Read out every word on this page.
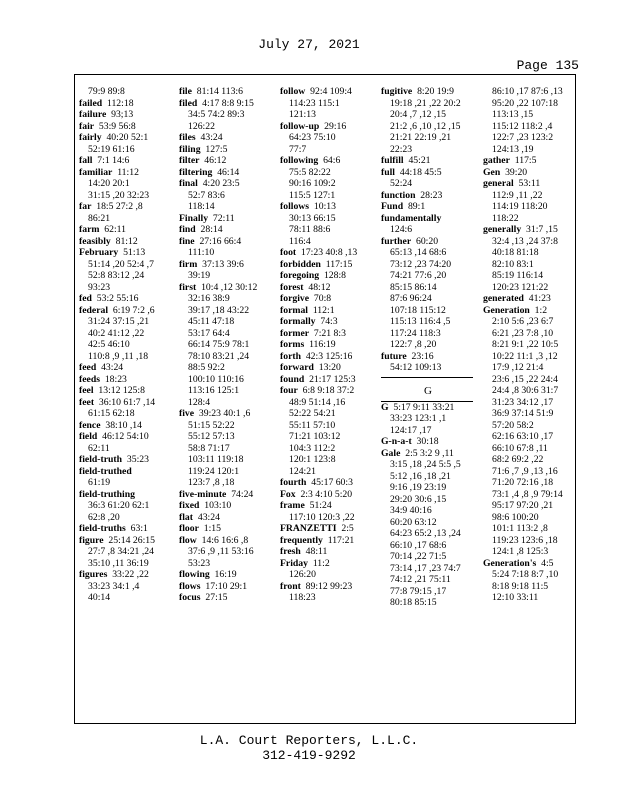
July 27, 2021
Page 135
79:9 89:8
failed 112:18
failure 93;13
fair 53:9 56:8
fairly 40:20 52:1
52:19 61:16
fall 7:1 14:6
familiar 11:12
14:20 20:1
31:15 ,20 32:23
far 18:5 27:2 ,8
86:21
farm 62:11
feasibly 81:12
February 51:13
51:14 ,20 52:4 ,7
52:8 83:12 ,24
93:23
fed 53:2 55:16
federal 6:19 7:2 ,6
31:24 37:15 ,21
40:2 41:12 ,22
42:5 46:10
110:8 ,9 ,11 ,18
feed 43:24
feeds 18:23
feel 13:12 125:8
feet 36:10 61:7 ,14
61:15 62:18
fence 38:10 ,14
field 46:12 54:10
62:11
field-truth 35:23
field-truthed
61:19
field-truthing
36:3 61:20 62:1
62:8 ,20
field-truths 63:1
figure 25:14 26:15
27:7 ,8 34:21 ,24
35:10 ,11 36:19
figures 33:22 ,22
33:23 34:1 ,4
40:14
file 81:14 113:6
filed 4:17 8:8 9:15
34:5 74:2 89:3
126:22
files 43:24
filing 127:5
filter 46:12
filtering 46:14
final 4:20 23:5
52:7 83:6
118:14
Finally 72:11
find 28:14
fine 27:16 66:4
111:10
firm 37:13 39:6
39:19
first 10:4 ,12 30:12
32:16 38:9
39:17 ,18 43:22
45:11 47:18
53:17 64:4
66:14 75:9 78:1
78:10 83:21 ,24
88:5 92:2
100:10 110:16
113:16 125:1
128:4
five 39:23 40:1 ,6
51:15 52:22
55:12 57:13
58:8 71:17
103:11 119:18
119:24 120:1
123:7 ,8 ,18
five-minute 74:24
fixed 103:10
flat 43:24
floor 1:15
flow 14:6 16:6 ,8
37:6 ,9 ,11 53:16
53:23
flowing 16:19
flows 17:10 29:1
focus 27:15
follow 92:4 109:4
114:23 115:1
121:13
follow-up 29:16
64:23 75:10
77:7
following 64:6
75:5 82:22
90:16 109:2
115:5 127:1
follows 10:13
30:13 66:15
78:11 88:6
116:4
foot 17:23 40:8 ,13
forbidden 117:15
foregoing 128:8
forest 48:12
forgive 70:8
formal 112:1
formally 74:3
former 7:21 8:3
forms 116:19
forth 42:3 125:16
forward 13:20
found 21:17 125:3
four 6:8 9:18 37:2
48:9 51:14 ,16
52:22 54:21
55:11 57:10
71:21 103:12
104:3 112:2
120:1 123:8
124:21
fourth 45:17 60:3
Fox 2:3 4:10 5:20
frame 51:24
117:10 120:3 ,22
FRANZETTI 2:5
frequently 117:21
fresh 48:11
Friday 11:2
126:20
front 89:12 99:23
118:23
fugitive 8:20 19:9
19:18 ,21 ,22 20:2
20:4 ,7 ,12 ,15
21:2 ,6 ,10 ,12 ,15
21:21 22:19 ,21
22:23
fulfill 45:21
full 44:18 45:5
52:24
function 28:23
Fund 89:1
fundamentally
124:6
further 60:20
65:13 ,14 68:6
73:12 ,23 74:20
74:21 77:6 ,20
85:15 86:14
87:6 96:24
107:18 115:12
115:13 116:4 ,5
117:24 118:3
122:7 ,8 ,20
future 23:16
54:12 109:13
G
G 5:17 9:11 33:21
33:23 123:1 ,1
124:17 ,17
G-n-a-t 30:18
Gale 2:5 3:2 9 ,11
3:15 ,18 ,24 5:5 ,5
5:12 ,16 ,18 ,21
9:16 ,19 23:19
29:20 30:6 ,15
34:9 40:16
60:20 63:12
64:23 65:2 ,13 ,24
66:10 ,17 68:6
70:14 ,22 71:5
73:14 ,17 ,23 74:7
74:12 ,21 75:11
77:8 79:15 ,17
80:18 85:15
86:10 ,17 87:6 ,13
95:20 ,22 107:18
113:13 ,15
115:12 118:2 ,4
122:7 ,23 123:2
124:13 ,19
gather 117:5
Gen 39:20
general 53:11
112:9 ,11 ,22
114:19 118:20
118:22
generally 31:7 ,15
32:4 ,13 ,24 37:8
40:18 81:18
82:10 83:1
85:19 116:14
120:23 121:22
generated 41:23
Generation 1:2
2:10 5:6 ,23 6:7
6:21 ,23 7:8 ,10
8:21 9:1 ,22 10:5
10:22 11:1 ,3 ,12
17:9 ,12 21:4
23:6 ,15 ,22 24:4
24:4 ,8 30:6 31:7
31:23 34:12 ,17
36:9 37:14 51:9
57:20 58:2
62:16 63:10 ,17
66:10 67:8 ,11
68:2 69:2 ,22
71:6 ,7 ,9 ,13 ,16
71:20 72:16 ,18
73:1 ,4 ,8 ,9 79:14
95:17 97:20 ,21
98:6 100:20
101:1 113:2 ,8
119:23 123:6 ,18
124:1 ,8 125:3
Generation's 4:5
5:24 7:18 8:7 ,10
8:18 9:18 11:5
12:10 33:11
L.A. Court Reporters, L.L.C.
312-419-9292
